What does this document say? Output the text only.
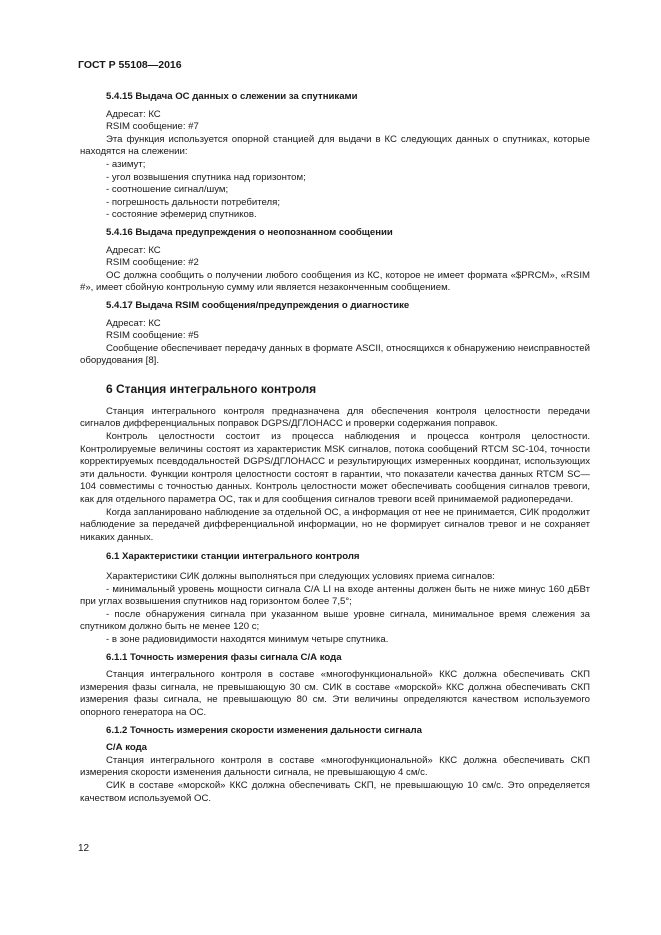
ГОСТ Р 55108—2016

5.4.15 Выдача ОС данных о слежении за спутниками

Адресат: КС

RSIM сообщение: #7

Эта функция используется опорной станцией для выдачи в КС следующих данных о спутниках, которые находятся на слежении:

- азимут;

- угол возвышения спутника над горизонтом;

- соотношение сигнал/шум;

- погрешность дальности потребителя;

- состояние эфемерид спутников.

5.4.16 Выдача предупреждения о неопознанном сообщении

Адресат: КС

RSIM сообщение: #2

ОС должна сообщить о получении любого сообщения из КС, которое не имеет формата «$PRCM», «RSIM #», имеет сбойную контрольную сумму или является незаконченным сообщением.

5.4.17 Выдача RSIM сообщения/предупреждения о диагностике

Адресат: КС

RSIM сообщение: #5

Сообщение обеспечивает передачу данных в формате ASCII, относящихся к обнаружению неисправностей оборудования [8].

6 Станция интегрального контроля

Станция интегрального контроля предназначена для обеспечения контроля целостности передачи сигналов дифференциальных поправок DGPS/ДГЛОНАСС и проверки содержания поправок.

Контроль целостности состоит из процесса наблюдения и процесса контроля целостности. Контролируемые величины состоят из характеристик MSK сигналов, потока сообщений RTCM SC-104, точности корректируемых псевдодальностей DGPS/ДГЛОНАСС и результирующих измеренных координат, использующих эти дальности. Функции контроля целостности состоят в гарантии, что показатели качества данных RTCM SC—104 совместимы с точностью данных. Контроль целостности может обеспечивать сообщения сигналов тревоги, как для отдельного параметра ОС, так и для сообщения сигналов тревоги всей принимаемой радиопередачи.

Когда запланировано наблюдение за отдельной ОС, а информация от нее не принимается, СИК продолжит наблюдение за передачей дифференциальной информации, но не формирует сигналов тревог и не сохраняет никаких данных.

6.1 Характеристики станции интегрального контроля

Характеристики СИК должны выполняться при следующих условиях приема сигналов:

- минимальный уровень мощности сигнала С/А LI на входе антенны должен быть не ниже минус 160 дБВт при углах возвышения спутников над горизонтом более 7,5°;

- после обнаружения сигнала при указанном выше уровне сигнала, минимальное время слежения за спутником должно быть не менее 120 с;

- в зоне радиовидимости находятся минимум четыре спутника.

6.1.1 Точность измерения фазы сигнала С/А кода

Станция интегрального контроля в составе «многофункциональной» ККС должна обеспечивать СКП измерения фазы сигнала, не превышающую 30 см. СИК в составе «морской» ККС должна обеспечивать СКП измерения фазы сигнала, не превышающую 80 см. Эти величины определяются качеством используемого опорного генератора на ОС.

6.1.2 Точность измерения скорости изменения дальности сигнала

С/А кода

Станция интегрального контроля в составе «многофункциональной» ККС должна обеспечивать СКП измерения скорости изменения дальности сигнала, не превышающую 4 см/с.

СИК в составе «морской» ККС должна обеспечивать СКП, не превышающую 10 см/с. Это определяется качеством используемой ОС.

12
